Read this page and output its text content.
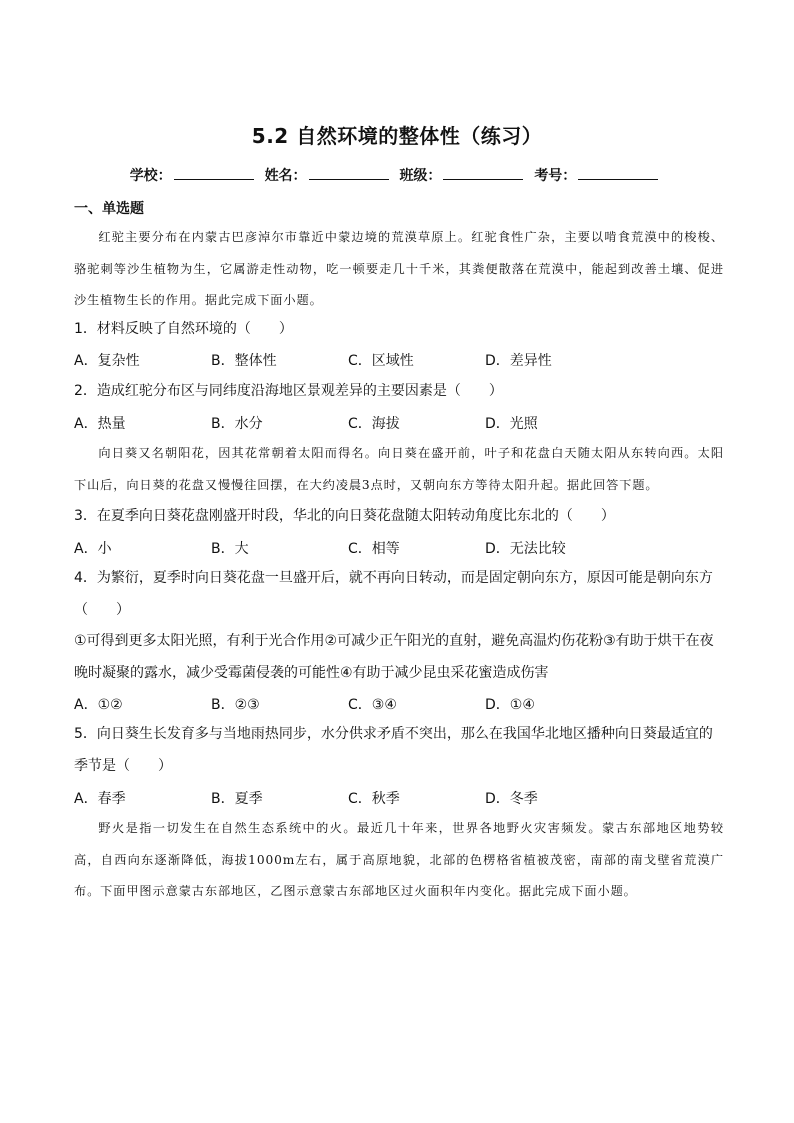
5.2 自然环境的整体性（练习）
学校：	姓名：	班级：	考号：
一、单选题
红驼主要分布在内蒙古巴彦淖尔市靠近中蒙边境的荒漠草原上。红驼食性广杂，主要以啃食荒漠中的梭梭、骆驼刺等沙生植物为生，它属游走性动物，吃一顿要走几十千米，其粪便散落在荒漠中，能起到改善土壤、促进沙生植物生长的作用。据此完成下面小题。
1．材料反映了自然环境的（　　）
A．复杂性	B．整体性	C．区域性	D．差异性
2．造成红驼分布区与同纬度沿海地区景观差异的主要因素是（　　）
A．热量	B．水分	C．海拔	D．光照
向日葵又名朝阳花，因其花常朝着太阳而得名。向日葵在盛开前，叶子和花盘白天随太阳从东转向西。太阳下山后，向日葵的花盘又慢慢往回摆，在大约凌晨3点时，又朝向东方等待太阳升起。据此回答下题。
3．在夏季向日葵花盘刚盛开时段，华北的向日葵花盘随太阳转动角度比东北的（　　）
A．小	B．大	C．相等	D．无法比较
4．为繁衍，夏季时向日葵花盘一旦盛开后，就不再向日转动，而是固定朝向东方，原因可能是朝向东方（　　）
①可得到更多太阳光照，有利于光合作用②可减少正午阳光的直射，避免高温灼伤花粉③有助于烘干在夜晚时凝聚的露水，减少受霉菌侵袭的可能性④有助于减少昆虫采花蜜造成伤害
A．①②	B．②③	C．③④	D．①④
5．向日葵生长发育多与当地雨热同步，水分供求矛盾不突出，那么在我国华北地区播种向日葵最适宜的季节是（　　）
A．春季	B．夏季	C．秋季	D．冬季
野火是指一切发生在自然生态系统中的火。最近几十年来，世界各地野火灾害频发。蒙古东部地区地势较高，自西向东逐渐降低，海拔1000m左右，属于高原地貌，北部的色楞格省植被茂密，南部的南戈壁省荒漠广布。下面甲图示意蒙古东部地区，乙图示意蒙古东部地区过火面积年内变化。据此完成下面小题。
